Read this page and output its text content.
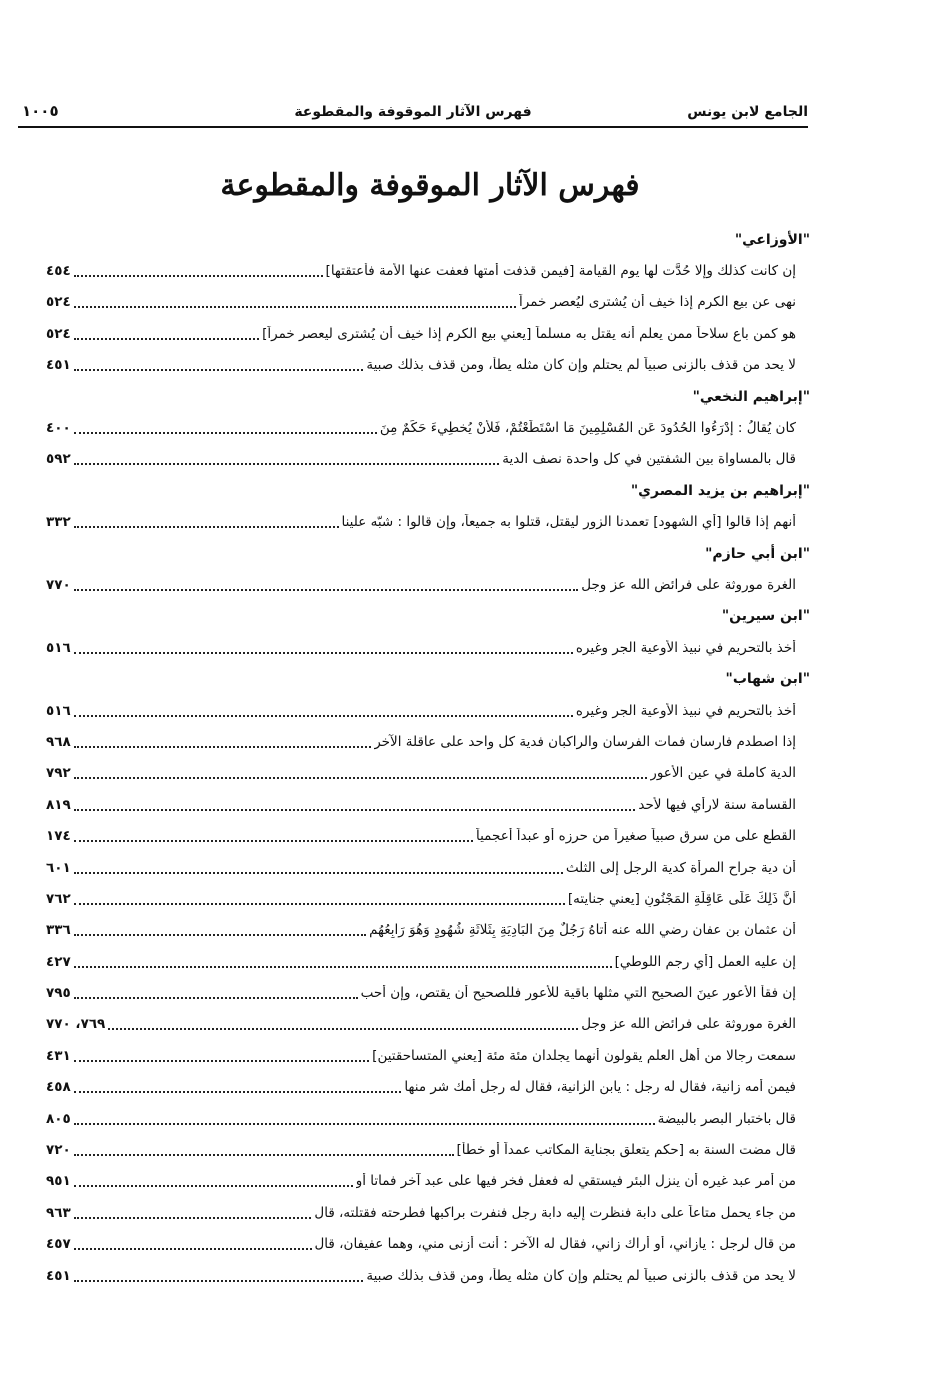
الجامع لابن يونس
فهرس الآثار الموقوفة والمقطوعة
١٠٠٥
فهرس الآثار الموقوفة والمقطوعة
"الأوزاعي"
إن كانت كذلك وإلا حُدَّت لها يوم القيامة [فيمن قذفت أمتها فعفت عنها الأمة فأعتقتها]
٤٥٤
نهى عن بيع الكرم إذا خيف أن يُشترى ليُعصر خمراً
٥٢٤
هو كمن باع سلاحاً ممن يعلم أنه يقتل به مسلماً [يعني بيع الكرم إذا خيف أن يُشترى ليعصر خمراً]
٥٢٤
لا يحد من قذف بالزنى صبياً لم يحتلم وإن كان مثله يطأ، ومن قذف بذلك صبية
٤٥١
"إبراهيم النخعي"
كان يُقالُ : إدْرَءُوا الحُدُودَ عَنِ المُسْلِمِينَ مَا اسْتَطَعْتُمْ، فَلأَنْ يُخطِيءَ حَكَمٌ مِنَ
٤٠٠
قال بالمساواة بين الشفتين في كل واحدة نصف الدية
٥٩٢
"إبراهيم بن يزيد المصري"
أنهم إذا قالوا [أي الشهود] تعمدنا الزور ليقتل، قتلوا به جميعاً، وإن قالوا : شبّه علينا
٣٣٢
"ابن أبي حازم"
الغرة موروثة على فرائض الله عز وجل
٧٧٠
"ابن سيرين"
أخذ بالتحريم في نبيذ الأوعية الجر وغيره
٥١٦
"ابن شهاب"
أخذ بالتحريم في نبيذ الأوعية الجر وغيره
٥١٦
إذا اصطدم فارسان فمات الفرسان والراكبان فدية كل واحد على عاقلة الآخر
٩٦٨
الدية كاملة في عين الأعور
٧٩٢
القسامة سنة لارأي فيها لأحد
٨١٩
القطع على من سرق صبياً صغيراً من حرزه أو عبداً أعجمياً
١٧٤
أن دية جراح المرأة كدية الرجل إلى الثلث
٦٠١
أنَّ ذَلِكَ عَلَى عَاقِلَةِ المَجْنُونِ [يعني جنايته]
٧٦٢
أن عثمان بن عفان رضي الله عنه أَتاهُ رَجُلٌ مِنَ البَادِيَةِ بِثَلاثَةِ شُهُودٍ وَهُوَ رَابِعُهُم
٣٣٦
إن عليه العمل [أي رجم اللوطي]
٤٢٧
إن فقأ الأعور عينَ الصحيح التي مثلها باقية للأعور فللصحيح أن يقتص، وإن أحب
٧٩٥
الغرة موروثة على فرائض الله عز وجل
٧٦٩، ٧٧٠
سمعت رجالا من أهل العلم يقولون أنهما يجلدان مئة مئة [يعني المتساحقتين]
٤٣١
فيمن أمه زانية، فقال له رجل : يابن الزانية، فقال له رجل أمك شر منها
٤٥٨
قال باختبار البصر بالبيضة
٨٠٥
قال مضت السنة به [حكم يتعلق بجناية المكاتب عمداً أو خطأً]
٧٢٠
من أمر عبد غيره أن ينزل البئر فيستقي له فعفل فخر فيها على عبد آخر فماتا أو
٩٥١
من جاء يحمل متاعاً على دابة فنظرت إليه دابة رجل فنفرت براكبها فطرحته فقتلته، قال
٩٦٣
من قال لرجل : يازاني، أو أراك زاني، فقال له الآخر : أنت أزنى مني، وهما عفيفان، قال
٤٥٧
لا يحد من قذف بالزنى صبياً لم يحتلم وإن كان مثله يطأ، ومن قذف بذلك صبية
٤٥١
